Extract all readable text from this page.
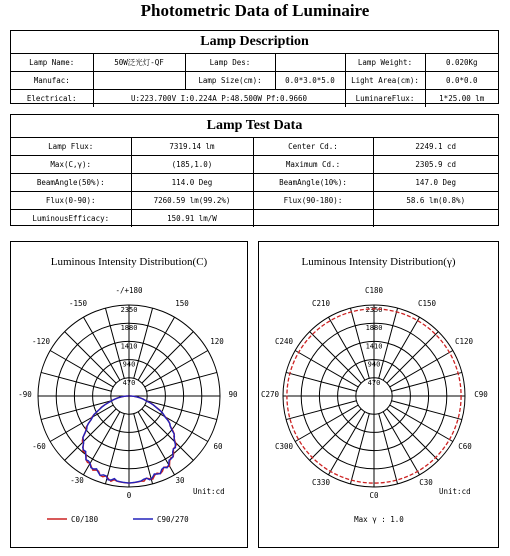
Photometric Data of Luminaire
Lamp Description
Lamp Name:	50W泛光灯-QF	Lamp Des:		Lamp Weight:	0.020Kg
Manufac:		Lamp Size(cm):	0.0*3.0*5.0	Light Area(cm):	0.0*0.0
Electrical:	U:223.700V I:0.224A P:48.500W Pf:0.9660			LuminareFlux:	1*25.00 lm
Lamp Test Data
Lamp Flux:	7319.14 lm	Center Cd.:	2249.1 cd
Max(C,γ):	(185,1.0)	Maximum Cd.:	2305.9 cd
BeamAngle(50%):	114.0 Deg	BeamAngle(10%):	147.0 Deg
Flux(0-90):	7260.59 lm(99.2%)	Flux(90-180):	58.6 lm(0.8%)
LuminousEfficacy:	150.91 lm/W		
Luminous Intensity Distribution(C)
-/+180
-150	150
-120	120
-90	90
-60	60
-30	30
0
2350
1880
1410
940
470
Unit:cd
C0/180	C90/270
Luminous Intensity Distribution(γ)
C180
C210	C150
C240	C120
C270	C90
C300	C60
C330	C30
C0
2350
1880
1410
940
470
Unit:cd
Max γ : 1.0
